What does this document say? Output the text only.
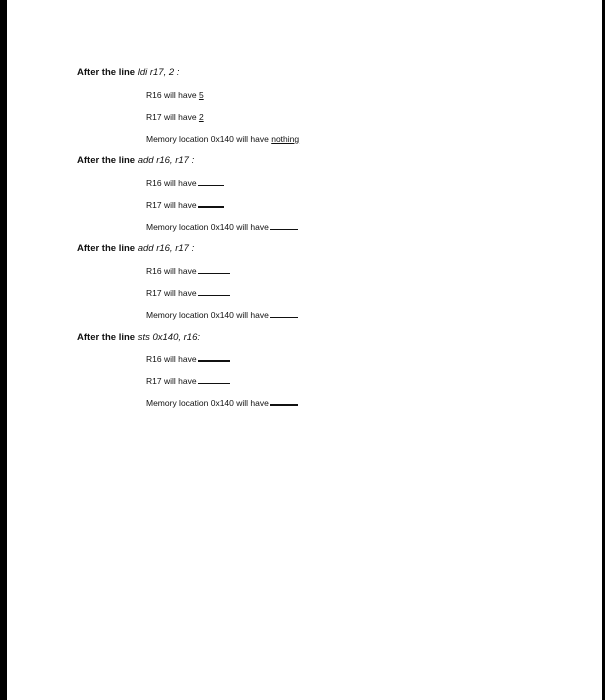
After the line ldi r17, 2 :
R16 will have 5
R17 will have 2
Memory location 0x140 will have nothing
After the line add r16, r17 :
R16 will have
R17 will have
Memory location 0x140 will have
After the line add r16, r17 :
R16 will have
R17 will have
Memory location 0x140 will have
After the line sts 0x140, r16:
R16 will have
R17 will have
Memory location 0x140 will have
